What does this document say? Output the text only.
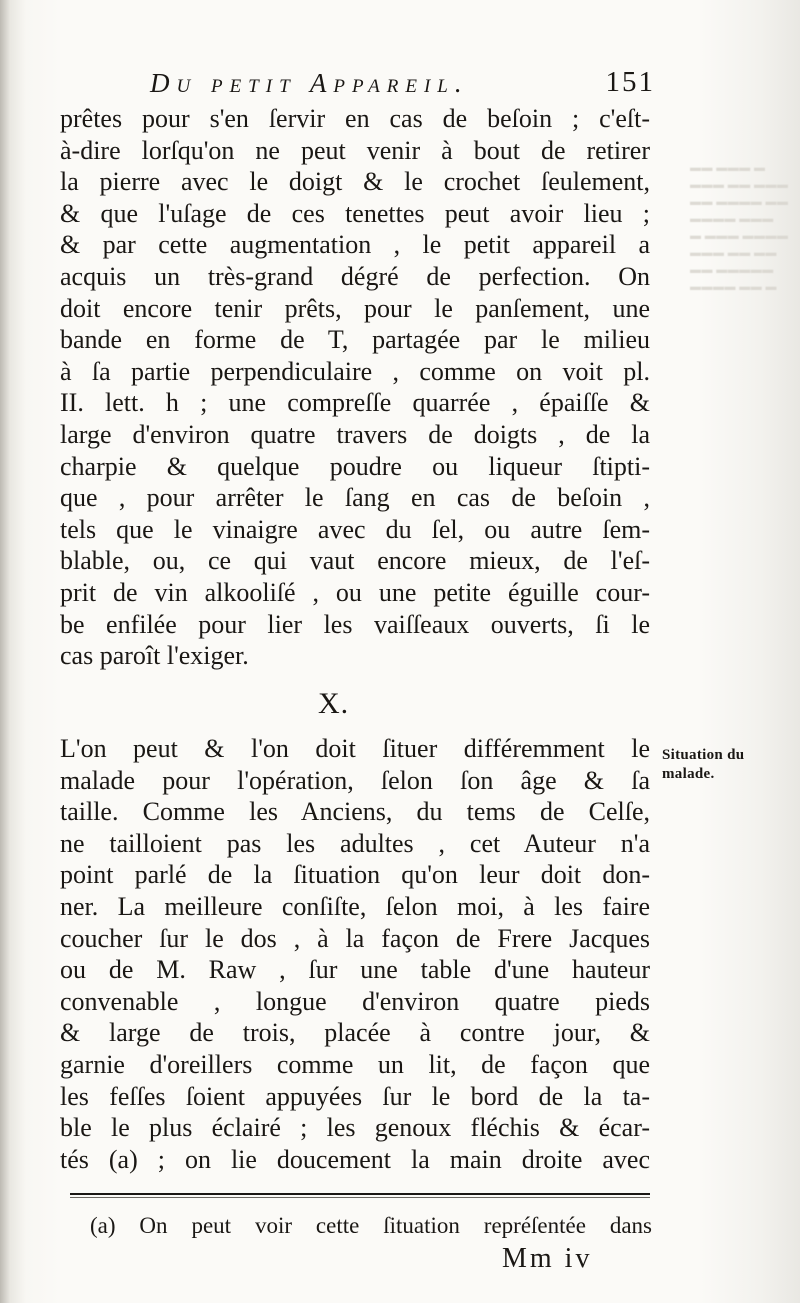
▬▬ ▬▬▬ ▬
▬▬▬ ▬▬ ▬▬▬
▬▬ ▬▬▬▬ ▬▬
▬▬▬▬ ▬▬▬
▬ ▬▬▬ ▬▬▬▬
▬▬▬ ▬▬ ▬▬
▬▬ ▬▬▬▬▬
▬▬▬▬ ▬▬ ▬
Du petit Appareil.	151
prêtes pour s'en ſervir en cas de beſoin ; c'eſt-
à-dire lorſqu'on ne peut venir à bout de retirer
la pierre avec le doigt & le crochet ſeulement,
& que l'uſage de ces tenettes peut avoir lieu ;
& par cette augmentation , le petit appareil a
acquis un très-grand dégré de perfection. On
doit encore tenir prêts, pour le panſement, une
bande en forme de T, partagée par le milieu
à ſa partie perpendiculaire , comme on voit pl.
II. lett. h ; une compreſſe quarrée , épaiſſe &
large d'environ quatre travers de doigts , de la
charpie & quelque poudre ou liqueur ſtipti-
que , pour arrêter le ſang en cas de beſoin ,
tels que le vinaigre avec du ſel, ou autre ſem-
blable, ou, ce qui vaut encore mieux, de l'eſ-
prit de vin alkooliſé , ou une petite éguille cour-
be enfilée pour lier les vaiſſeaux ouverts, ſi le
cas paroît l'exiger.
X.
L'on peut & l'on doit ſituer différemment le
malade pour l'opération, ſelon ſon âge & ſa
taille. Comme les Anciens, du tems de Celſe,
ne tailloient pas les adultes , cet Auteur n'a
point parlé de la ſituation qu'on leur doit don-
ner. La meilleure conſiſte, ſelon moi, à les faire
coucher ſur le dos , à la façon de Frere Jacques
ou de M. Raw , ſur une table d'une hauteur
convenable , longue d'environ quatre pieds
& large de trois, placée à contre jour, &
garnie d'oreillers comme un lit, de façon que
les feſſes ſoient appuyées ſur le bord de la ta-
ble le plus éclairé ; les genoux fléchis & écar-
tés (a) ; on lie doucement la main droite avec
Situation du
malade.
(a) On peut voir cette ſituation repréſentée dans
Mm iv
